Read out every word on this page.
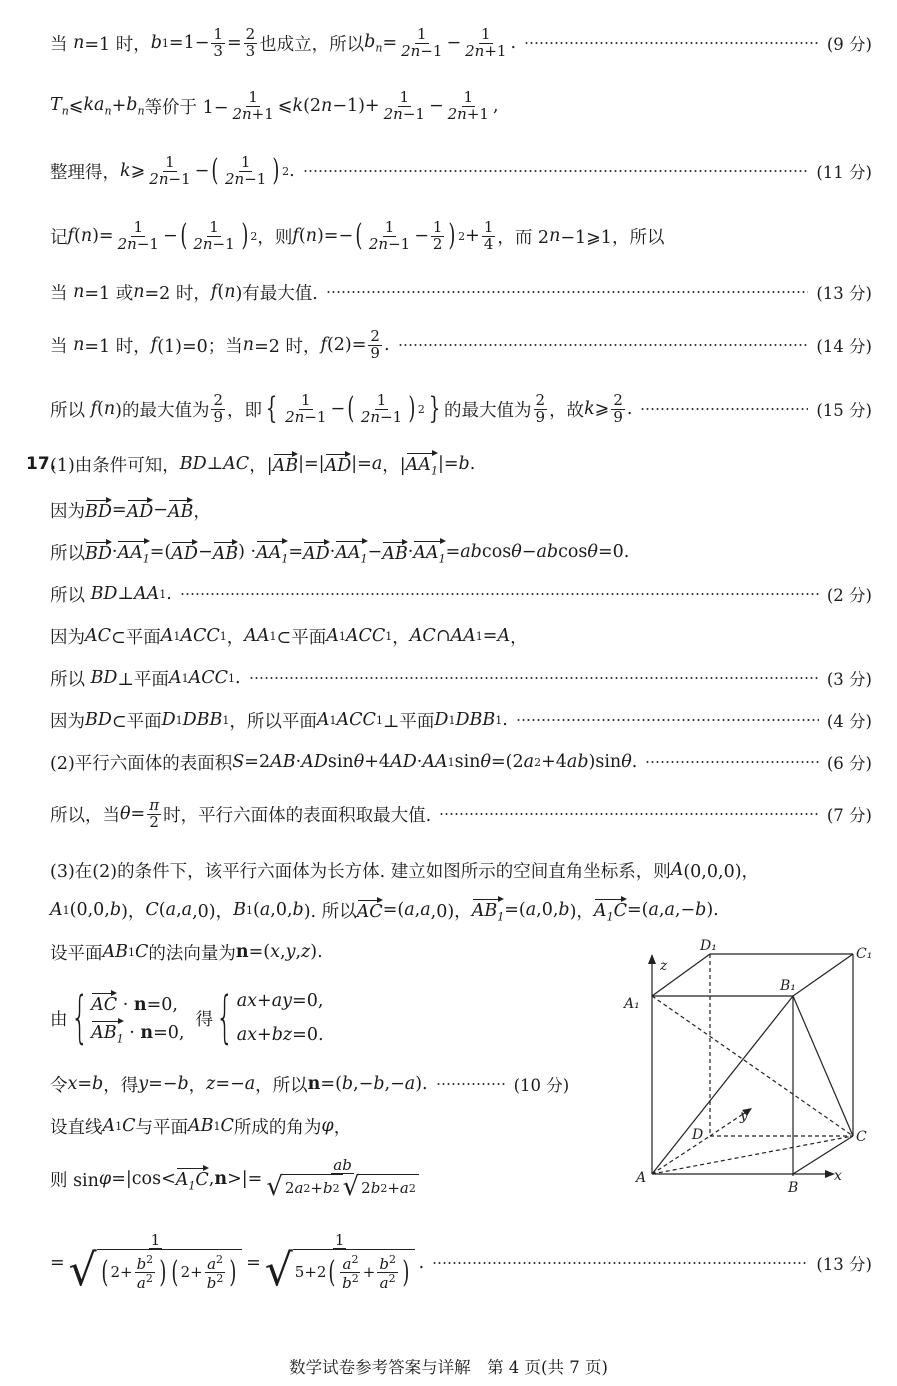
当 n =1 时， b $1 =1- \frac{1}{3} = \frac{2}{3}$ 也成立，所以 $b_n = \frac{1}{2n-1} - \frac{1}{2n+1}$ .	(9 分)
$T_n$ ⩽ $ka_n + b_n$ 等价于 $1- \frac{1}{2n+1}$ ⩽ k (2 $n -1)+ \frac{1}{2n-1} - \frac{1}{2n+1}$ ,
整理得， k ⩾ $\frac{1}{2n-1}$ − ( $\frac{1}{2n-1}$ ) 2 .	(11 分)
记 f ( n )= $\frac{1}{2n-1}$ − ( $\frac{1}{2n-1}$ ) 2 ，则 f ( n )=− ( $\frac{1}{2n-1} - \frac{1}{2}$ ) $2 + \frac{1}{4}$ ，而 2 n −1⩾1，所以
当 n =1 或 n =2 时， f ( n )有最大值.	(13 分)
当 n =1 时， f (1)=0；当 n =2 时， f $(2)= \frac{2}{9}$ .	(14 分)
所以 f ( n )的最大值为 $\frac{2}{9}$ ，即 { $\frac{1}{2n-1}$ − ( $\frac{1}{2n-1}$ ) 2 } 的最大值为 $\frac{2}{9}$ ，故 k ⩾ $\frac{2}{9}$ .	(15 分)
17.
(1)由条件可知， BD ⊥ AC ，| AB |=| AD |= a ，| $AA_1$ |= b .
因为 BD = AD − AB ，
所以 BD · $AA_1$ =( AD − AB ) · $AA_1$ = AD · $AA_1$ − AB · $AA_1$ = ab cos θ − ab cos θ =0.
所以 BD ⊥ AA 1 .	(2 分)
因为 AC ⊂平面 A 1 ACC 1 ， AA 1 ⊂平面 A 1 ACC 1 ， AC ∩ AA 1 = A ，
所以 BD ⊥平面 A 1 ACC 1 .	(3 分)
因为 BD ⊂平面 D 1 DBB 1 ，所以平面 A 1 ACC 1 ⊥平面 D 1 DBB 1 .	(4 分)
(2)平行六面体的表面积 S =2 AB · AD sin θ +4 AD · AA 1 sin θ =(2 a 2 +4 ab )sin θ .	(6 分)
所以，当 $\theta = \frac{\pi}{2}$ 时，平行六面体的表面积取最大值.	(7 分)
(3)在(2)的条件下，该平行六面体为长方体. 建立如图所示的空间直角坐标系，则 A (0,0,0)，
A 1 (0,0, b )， C ( a , a ,0)， B 1 ( a ,0, b ). 所以 AC =( a , a ,0)， $AB_1$ =( a ,0, b )， $A_1C$ =( a , a ,− b ).
设平面 AB 1 C 的法向量为 n =( x , y , z ).
由 { AC · n=0,
$AB_1 \cdot n=0$,
得 { ax+ay=0,
ax+bz=0.
令 x = b ，得 y =− b ， z =− a ，所以 n =( b ,− b ,− a ).	(10 分)
设直线 A 1 C 与平面 AB 1 C 所成的角为 φ ，
则 $\sin \varphi =|\cos< A_1C$ , n >|= $\frac{ab}{√ 2 a 2 + b 2 √ 2 b 2 + a 2}$
= $\frac{1}{√ ( 2+ \frac{b^2}{a^2} ) ( 2+ \frac{a^2}{b^2} )} = \frac{1}{√ 5+2 ( \frac{a^2}{b^2} + \frac{b^2}{a^2} )}$ .	(13 分)
z
A₁
D₁	C₁
B₁
D	C
y
A
B
x
数学试卷参考答案与详解　第 4 页(共 7 页)
